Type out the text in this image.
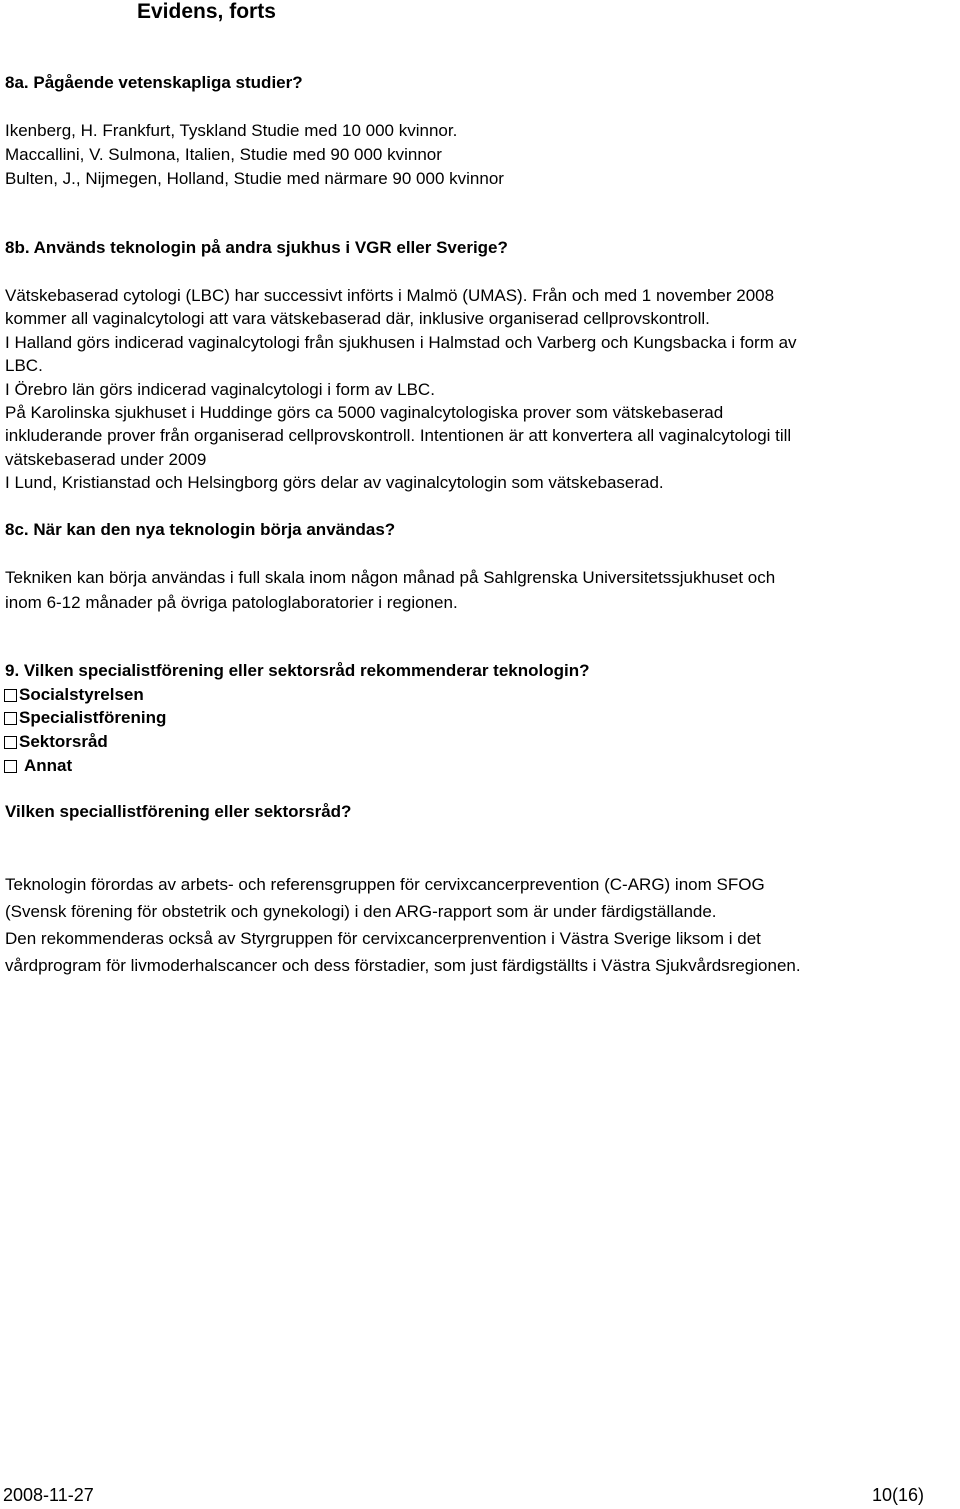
Evidens, forts
8a. Pågående vetenskapliga studier?
Ikenberg, H. Frankfurt, Tyskland Studie med 10 000 kvinnor.
Maccallini, V. Sulmona, Italien, Studie med 90 000 kvinnor
Bulten, J., Nijmegen, Holland, Studie med närmare 90 000 kvinnor
8b. Används teknologin på andra sjukhus i VGR eller Sverige?
Vätskebaserad cytologi (LBC) har successivt införts i Malmö (UMAS). Från och med 1 november 2008
kommer all vaginalcytologi att vara vätskebaserad där, inklusive organiserad cellprovskontroll.
I Halland görs indicerad vaginalcytologi från sjukhusen i Halmstad och Varberg och Kungsbacka i form av
LBC.
I Örebro län görs indicerad vaginalcytologi i form av LBC.
På Karolinska sjukhuset i Huddinge görs ca 5000 vaginalcytologiska prover som vätskebaserad
inkluderande prover från organiserad cellprovskontroll. Intentionen är att konvertera all vaginalcytologi till
vätskebaserad under 2009
I Lund, Kristianstad och Helsingborg görs delar av vaginalcytologin som vätskebaserad.
8c. När kan den nya teknologin börja användas?
Tekniken kan börja användas i full skala inom någon månad på Sahlgrenska Universitetssjukhuset och
inom 6-12 månader på övriga patologlaboratorier i regionen.
9. Vilken specialistförening eller sektorsråd rekommenderar teknologin?
Socialstyrelsen
Specialistförening
Sektorsråd
Annat
Vilken speciallistförening eller sektorsråd?
Teknologin förordas av arbets- och referensgruppen för cervixcancerprevention (C-ARG) inom SFOG
(Svensk förening för obstetrik och gynekologi) i den ARG-rapport som är under färdigställande.
Den rekommenderas också av Styrgruppen för cervixcancerprenvention i Västra Sverige liksom i det
vårdprogram för livmoderhalscancer och dess förstadier, som just färdigställts i Västra Sjukvårdsregionen.
2008-11-27	10(16)
